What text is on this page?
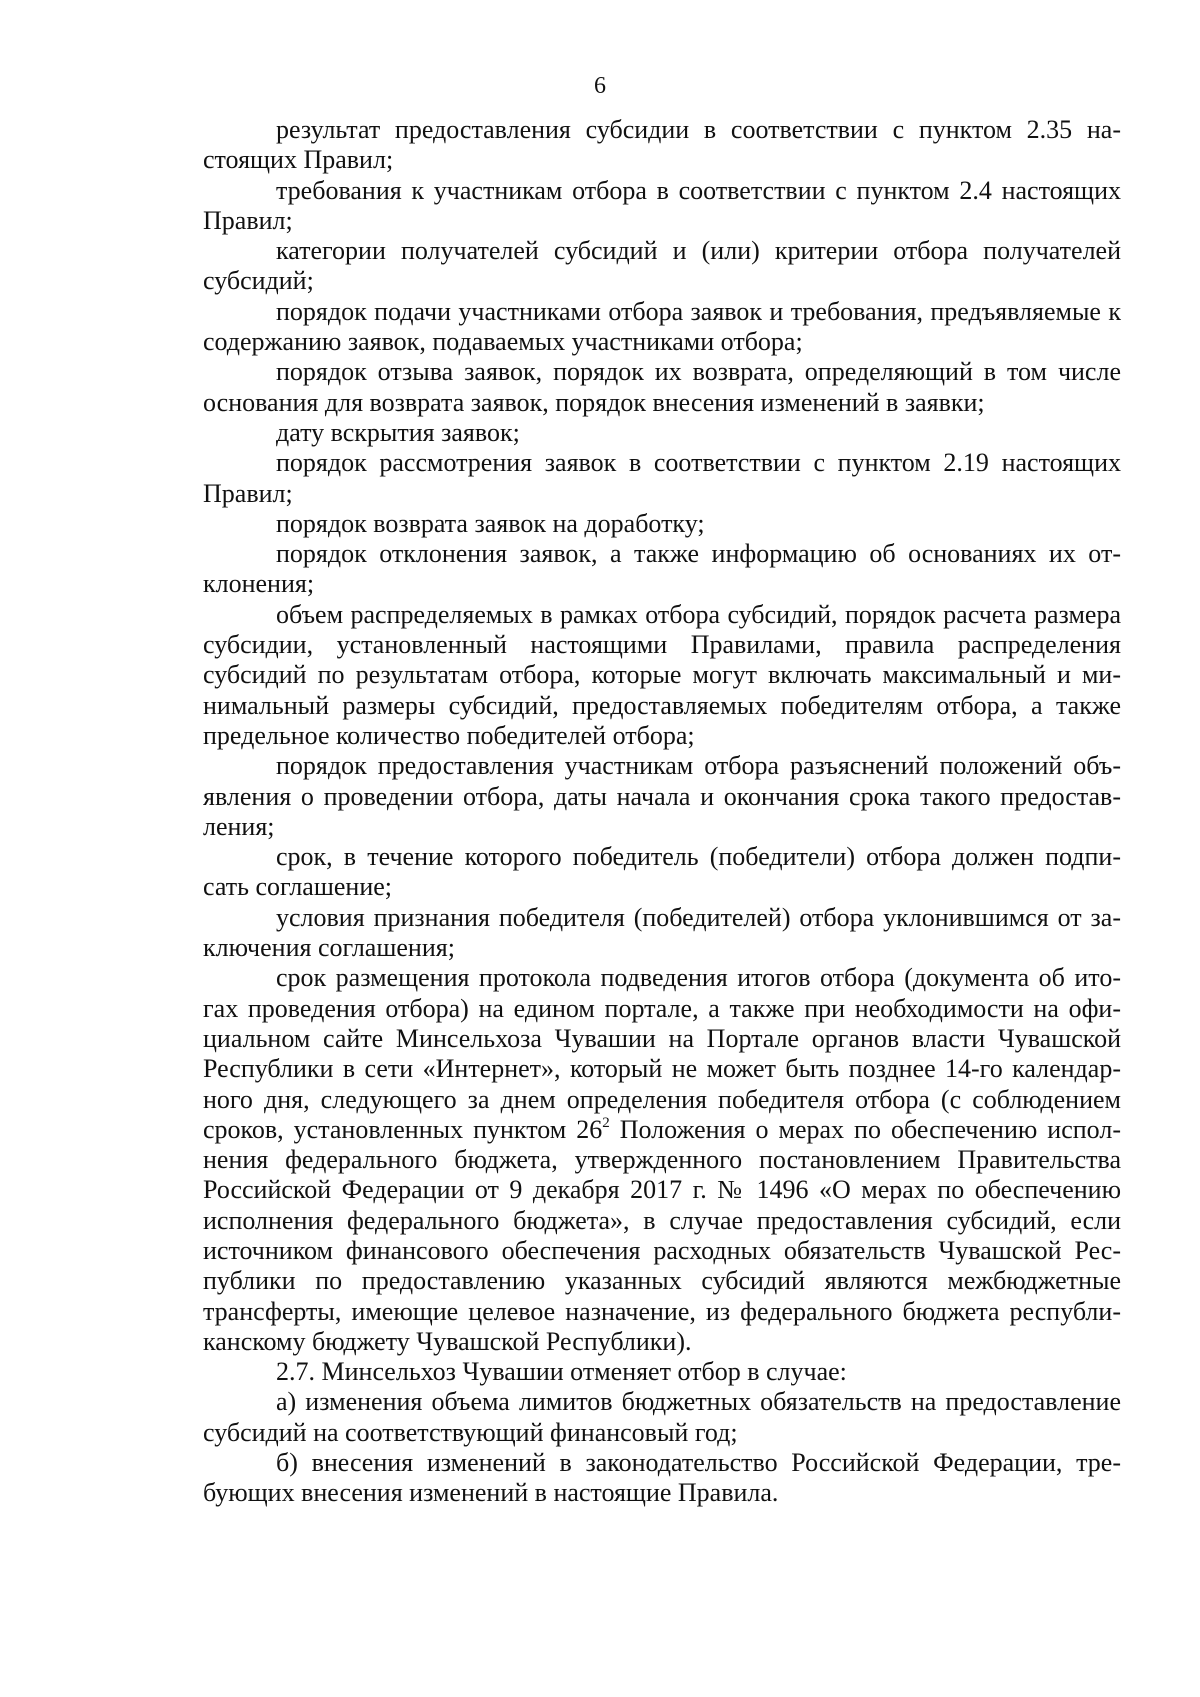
6

результат предоставления субсидии в соответствии с пунктом 2.35 настоящих Правил;

требования к участникам отбора в соответствии с пунктом 2.4 настоящих Правил;

категории получателей субсидий и (или) критерии отбора получателей субсидий;

порядок подачи участниками отбора заявок и требования, предъявляемые к содержанию заявок, подаваемых участниками отбора;

порядок отзыва заявок, порядок их возврата, определяющий в том числе основания для возврата заявок, порядок внесения изменений в заявки;

дату вскрытия заявок;

порядок рассмотрения заявок в соответствии с пунктом 2.19 настоящих Правил;

порядок возврата заявок на доработку;

порядок отклонения заявок, а также информацию об основаниях их отклонения;

объем распределяемых в рамках отбора субсидий, порядок расчета размера субсидии, установленный настоящими Правилами, правила распределения субсидий по результатам отбора, которые могут включать максимальный и минимальный размеры субсидий, предоставляемых победителям отбора, а также предельное количество победителей отбора;

порядок предоставления участникам отбора разъяснений положений объявления о проведении отбора, даты начала и окончания срока такого предоставления;

срок, в течение которого победитель (победители) отбора должен подписать соглашение;

условия признания победителя (победителей) отбора уклонившимся от заключения соглашения;

срок размещения протокола подведения итогов отбора (документа об итогах проведения отбора) на едином портале, а также при необходимости на официальном сайте Минсельхоза Чувашии на Портале органов власти Чувашской Республики в сети «Интернет», который не может быть позднее 14-го календарного дня, следующего за днем определения победителя отбора (с соблюдением сроков, установленных пунктом $26^2$ Положения о мерах по обеспечению исполнения федерального бюджета, утвержденного постановлением Правительства Российской Федерации от 9 декабря 2017 г. № 1496 «О мерах по обеспечению исполнения федерального бюджета», в случае предоставления субсидий, если источником финансового обеспечения расходных обязательств Чувашской Республики по предоставлению указанных субсидий являются межбюджетные трансферты, имеющие целевое назначение, из федерального бюджета республиканскому бюджету Чувашской Республики).

2.7. Минсельхоз Чувашии отменяет отбор в случае:

а) изменения объема лимитов бюджетных обязательств на предоставление субсидий на соответствующий финансовый год;

б) внесения изменений в законодательство Российской Федерации, требующих внесения изменений в настоящие Правила.
